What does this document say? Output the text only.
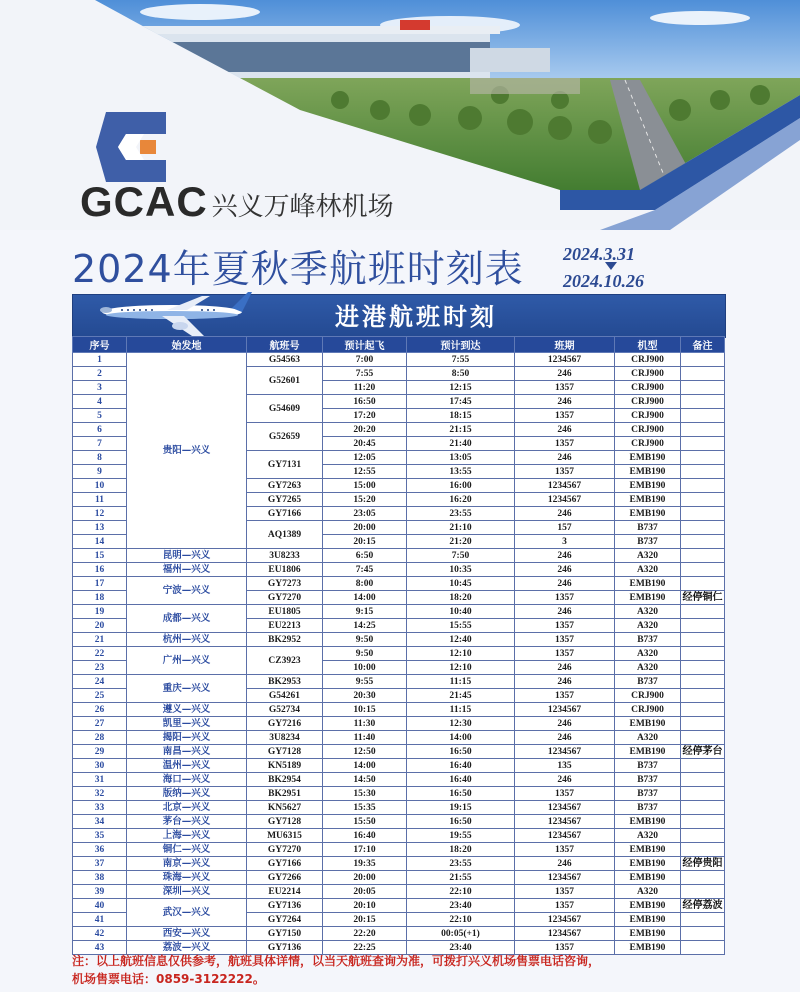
GCAC 兴义万峰林机场
2024年夏秋季航班时刻表 2024.3.31
2024.10.26
进港航班时刻
序号	始发地	航班号	预计起飞	预计到达	班期	机型	备注
1	贵阳—兴义	G54563	7:00	7:55	1234567	CRJ900	
2		G52601	7:55	8:50	246	CRJ900	
3			11:20	12:15	1357	CRJ900	
4		G54609	16:50	17:45	246	CRJ900	
5			17:20	18:15	1357	CRJ900	
6		G52659	20:20	21:15	246	CRJ900	
7			20:45	21:40	1357	CRJ900	
8		GY7131	12:05	13:05	246	EMB190	
9			12:55	13:55	1357	EMB190	
10		GY7263	15:00	16:00	1234567	EMB190	
11		GY7265	15:20	16:20	1234567	EMB190	
12		GY7166	23:05	23:55	246	EMB190	
13		AQ1389	20:00	21:10	157	B737	
14			20:15	21:20	3	B737	
15	昆明—兴义	3U8233	6:50	7:50	246	A320	
16	福州—兴义	EU1806	7:45	10:35	246	A320	
17	宁波—兴义	GY7273	8:00	10:45	246	EMB190	
18		GY7270	14:00	18:20	1357	EMB190	经停铜仁
19	成都—兴义	EU1805	9:15	10:40	246	A320	
20		EU2213	14:25	15:55	1357	A320	
21	杭州—兴义	BK2952	9:50	12:40	1357	B737	
22	广州—兴义	CZ3923	9:50	12:10	1357	A320	
23			10:00	12:10	246	A320	
24	重庆—兴义	BK2953	9:55	11:15	246	B737	
25		G54261	20:30	21:45	1357	CRJ900	
26	遵义—兴义	G52734	10:15	11:15	1234567	CRJ900	
27	凯里—兴义	GY7216	11:30	12:30	246	EMB190	
28	揭阳—兴义	3U8234	11:40	14:00	246	A320	
29	南昌—兴义	GY7128	12:50	16:50	1234567	EMB190	经停茅台
30	温州—兴义	KN5189	14:00	16:40	135	B737	
31	海口—兴义	BK2954	14:50	16:40	246	B737	
32	版纳—兴义	BK2951	15:30	16:50	1357	B737	
33	北京—兴义	KN5627	15:35	19:15	1234567	B737	
34	茅台—兴义	GY7128	15:50	16:50	1234567	EMB190	
35	上海—兴义	MU6315	16:40	19:55	1234567	A320	
36	铜仁—兴义	GY7270	17:10	18:20	1357	EMB190	
37	南京—兴义	GY7166	19:35	23:55	246	EMB190	经停贵阳
38	珠海—兴义	GY7266	20:00	21:55	1234567	EMB190	
39	深圳—兴义	EU2214	20:05	22:10	1357	A320	
40	武汉—兴义	GY7136	20:10	23:40	1357	EMB190	经停荔波
41		GY7264	20:15	22:10	1234567	EMB190	
42	西安—兴义	GY7150	22:20	00:05(+1)	1234567	EMB190	
43	荔波—兴义	GY7136	22:25	23:40	1357	EMB190	
注：以上航班信息仅供参考，航班具体详情，以当天航班查询为准，可拨打兴义机场售票电话咨询，
机场售票电话：0859-3122222。
